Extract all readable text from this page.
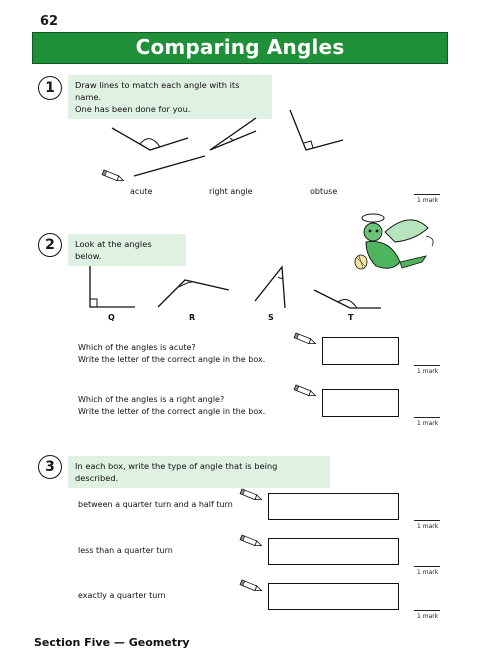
62
Comparing Angles
1	Draw lines to match each angle with its name.
One has been done for you.
acute	right angle	obtuse
1 mark
2	Look at the angles below.
Q	R	S	T
Which of the angles is acute?
Write the letter of the correct angle in the box.
1 mark
Which of the angles is a right angle?
Write the letter of the correct angle in the box.
1 mark
3	In each box, write the type of angle that is being described.
between a quarter turn and a half turn
1 mark
less than a quarter turn
1 mark
exactly a quarter turn
1 mark
Section Five — Geometry
